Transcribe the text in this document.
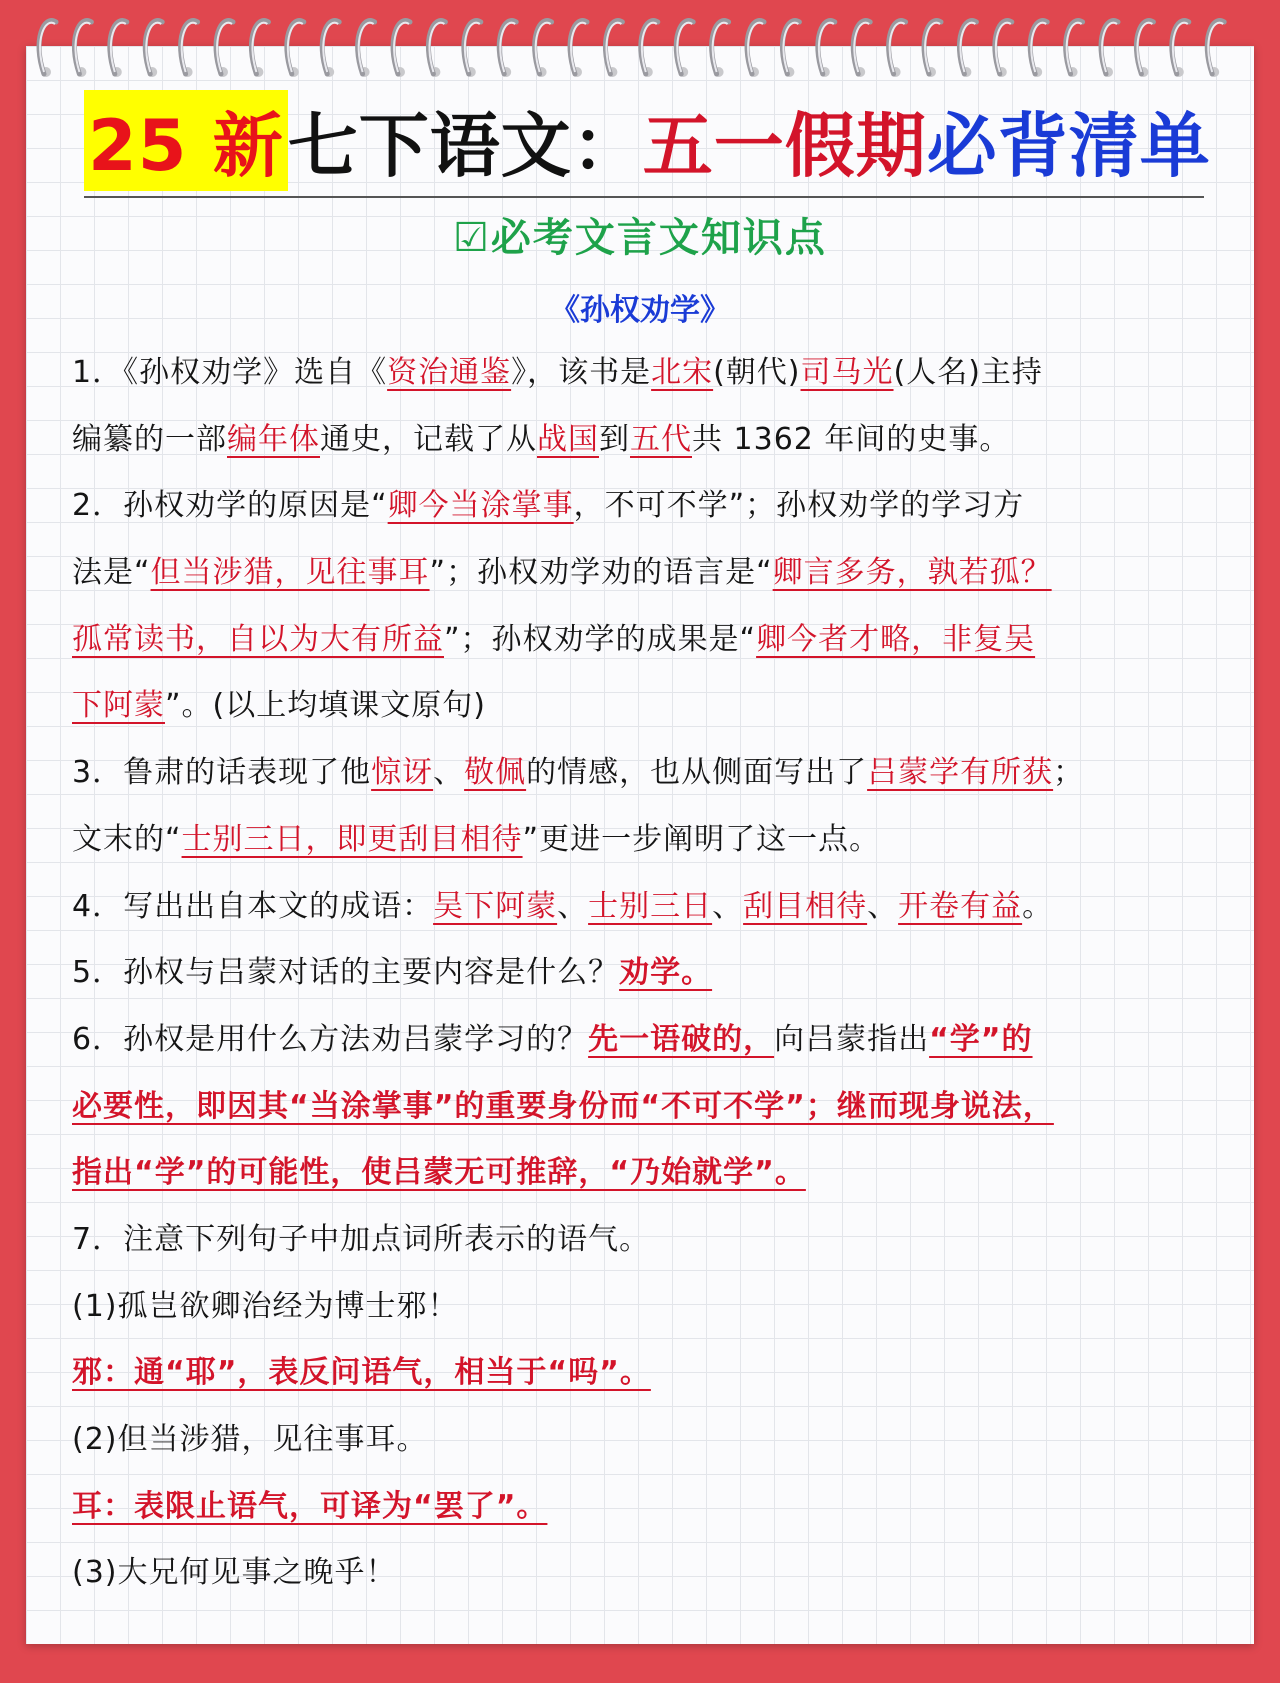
25 新 七下语文： 五一假期 必背清单
☑必考文言文知识点
《孙权劝学》
1．《孙权劝学》选自《资治通鉴》，该书是北宋(朝代)司马光(人名)主持
编纂的一部编年体通史，记载了从战国到五代共 1362 年间的史事。
2．孙权劝学的原因是“卿今当涂掌事，不可不学”；孙权劝学的学习方
法是“但当涉猎，见往事耳”；孙权劝学劝的语言是“卿言多务，孰若孤？
孤常读书，自以为大有所益”；孙权劝学的成果是“卿今者才略，非复吴
下阿蒙”。(以上均填课文原句)
3．鲁肃的话表现了他惊讶、敬佩的情感，也从侧面写出了吕蒙学有所获；
文末的“士别三日，即更刮目相待”更进一步阐明了这一点。
4．写出出自本文的成语：吴下阿蒙、士别三日、刮目相待、开卷有益。
5．孙权与吕蒙对话的主要内容是什么？劝学。
6．孙权是用什么方法劝吕蒙学习的？先一语破的，向吕蒙指出“学”的
必要性，即因其“当涂掌事”的重要身份而“不可不学”；继而现身说法，
指出“学”的可能性，使吕蒙无可推辞，“乃始就学”。
7．注意下列句子中加点词所表示的语气。
(1)孤岂欲卿治经为博士邪！
邪：通“耶”，表反问语气，相当于“吗”。
(2)但当涉猎，见往事耳。
耳：表限止语气，可译为“罢了”。
(3)大兄何见事之晚乎！
